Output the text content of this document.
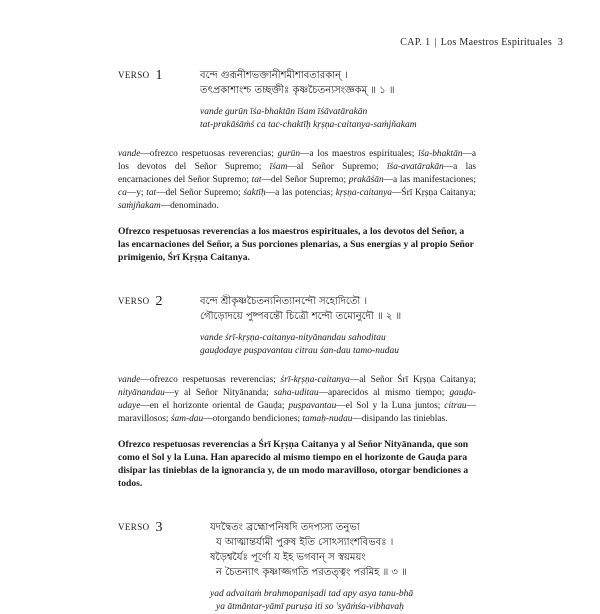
CAP. 1 | Los Maestros Espirituales 3
VERSO 1	বন্দে গুরূনীশভক্তানীশমীশাবতারকান্ ।
তৎপ্রকাশাংশ্চ তচ্ছক্তীঃ কৃষ্ণচৈতন্যসংজ্ঞকম্ ॥ ১ ॥
vande gurūn īśa-bhaktān īśam īśāvatārakān
tat-prakāśāṁś ca tac-chaktīḥ kṛṣṇa-caitanya-saṁjñakam
vande—ofrezco respetuosas reverencias; gurūn—a los maestros espirituales; īśa-bhaktān—a los devotos del Señor Supremo; īśam—al Señor Supremo; īśa-avatārakān—a las encarnaciones del Señor Supremo; tat—del Señor Supremo; prakāśān—a las manifestaciones; ca—y; tat—del Señor Supremo; śaktīḥ—a las potencias; kṛṣṇa-caitanya—Śrī Kṛṣṇa Caitanya; saṁjñakam—denominado.
Ofrezco respetuosas reverencias a los maestros espirituales, a los devotos del Señor, a las encarnaciones del Señor, a Sus porciones plenarias, a Sus energías y al propio Señor primigenio, Śrī Kṛṣṇa Caitanya.
VERSO 2	বন্দে শ্রীকৃষ্ণচৈতন্যনিত্যানন্দৌ সহোদিতৌ ।
গৌড়োদয়ে পুষ্পবন্তৌ চিত্রৌ শন্দৌ তমোনুদৌ ॥ ২ ॥
vande śrī-kṛṣṇa-caitanya-nityānandau sahoditau
gauḍodaye puṣpavantau citrau śan-dau tamo-nudau
vande—ofrezco respetuosas reverencias; śrī-kṛṣṇa-caitanya—al Señor Śrī Kṛṣṇa Caitanya; nityānandau—y al Señor Nityānanda; saha-uditau—aparecidos al mismo tiempo; gauḍa-udaye—en el horizonte oriental de Gauḍa; puṣpavantau—el Sol y la Luna juntos; citrau—maravillosos; śam-dau—otorgando bendiciones; tamaḥ-nudau—disipando las tinieblas.
Ofrezco respetuosas reverencias a Śrī Kṛṣṇa Caitanya y al Señor Nityānanda, que son como el Sol y la Luna. Han aparecido al mismo tiempo en el horizonte de Gauḍa para disipar las tinieblas de la ignorancia y, de un modo maravilloso, otorgar bendiciones a todos.
VERSO 3	যদদ্বৈতং ব্রহ্মোপনিষদি তদপ্যস্য তনুভা
য আত্মান্তর্যামী পুরুষ ইতি সোঽস্যাংশবিভবঃ ।
ষড়ৈশ্বর্যৈঃ পূর্ণো য ইহ ভগবান্ স স্বয়ময়ং
ন চৈতন্যাৎ কৃষ্ণাজ্জগতি পরতত্ত্বং পরমিহ ॥ ৩ ॥
yad advaitaṁ brahmopaniṣadi tad apy asya tanu-bhā
ya ātmāntar-yāmī puruṣa iti so 'syāṁśa-vibhavaḥ
